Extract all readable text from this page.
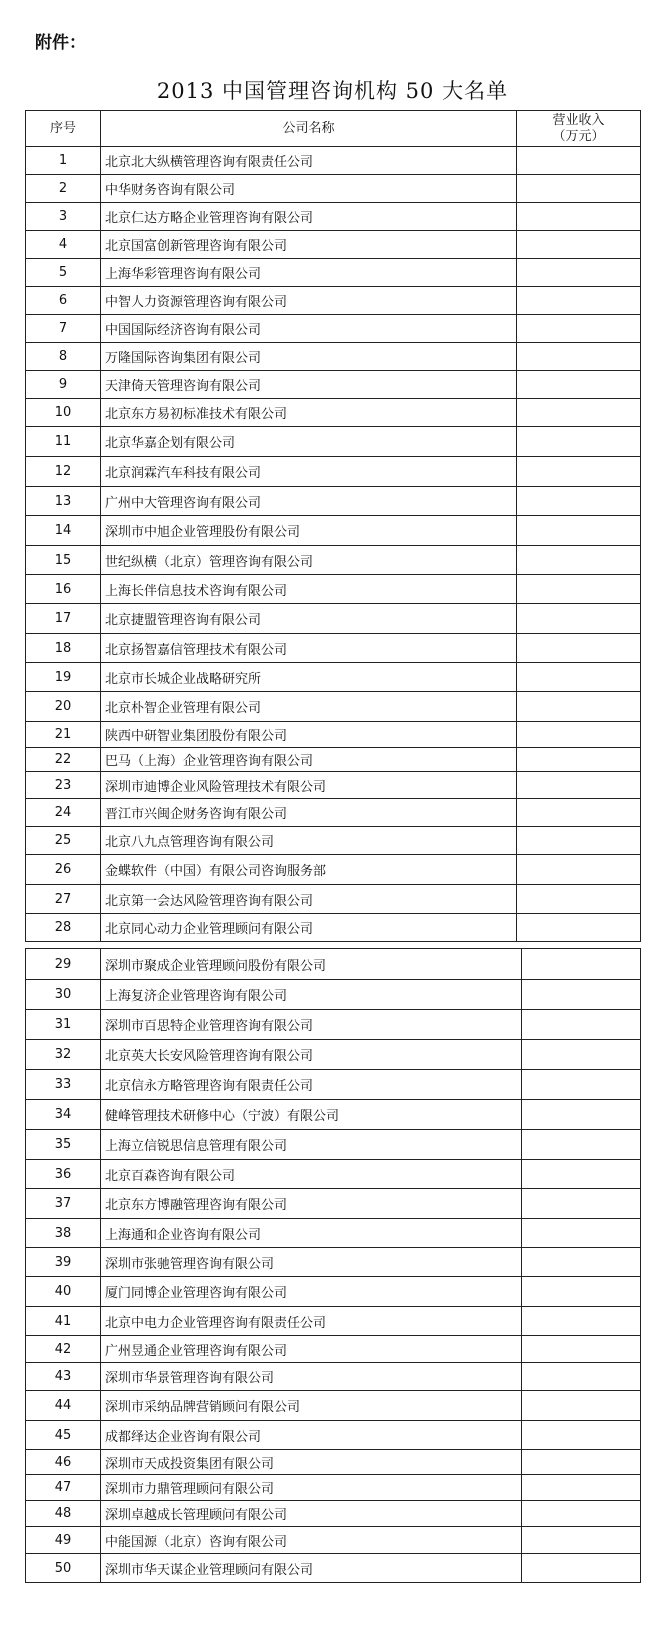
附件：
2013 中国管理咨询机构 50 大名单
序号	公司名称	营业收入
（万元）

1	北京北大纵横管理咨询有限责任公司	
2	中华财务咨询有限公司	
3	北京仁达方略企业管理咨询有限公司	
4	北京国富创新管理咨询有限公司	
5	上海华彩管理咨询有限公司	
6	中智人力资源管理咨询有限公司	
7	中国国际经济咨询有限公司	
8	万隆国际咨询集团有限公司	
9	天津倚天管理咨询有限公司	
10	北京东方易初标准技术有限公司	
11	北京华嘉企划有限公司	
12	北京润霖汽车科技有限公司	
13	广州中大管理咨询有限公司	
14	深圳市中旭企业管理股份有限公司	
15	世纪纵横（北京）管理咨询有限公司	
16	上海长伴信息技术咨询有限公司	
17	北京捷盟管理咨询有限公司	
18	北京扬智嘉信管理技术有限公司	
19	北京市长城企业战略研究所	
20	北京朴智企业管理有限公司	
21	陕西中研智业集团股份有限公司	
22	巴马（上海）企业管理咨询有限公司	
23	深圳市迪博企业风险管理技术有限公司	
24	晋江市兴闽企财务咨询有限公司	
25	北京八九点管理咨询有限公司	
26	金蝶软件（中国）有限公司咨询服务部	
27	北京第一会达风险管理咨询有限公司	
28	北京同心动力企业管理顾问有限公司	
29	深圳市聚成企业管理顾问股份有限公司	
30	上海复济企业管理咨询有限公司	
31	深圳市百思特企业管理咨询有限公司	
32	北京英大长安风险管理咨询有限公司	
33	北京信永方略管理咨询有限责任公司	
34	健峰管理技术研修中心（宁波）有限公司	
35	上海立信锐思信息管理有限公司	
36	北京百森咨询有限公司	
37	北京东方博融管理咨询有限公司	
38	上海通和企业咨询有限公司	
39	深圳市张驰管理咨询有限公司	
40	厦门同博企业管理咨询有限公司	
41	北京中电力企业管理咨询有限责任公司	
42	广州昱通企业管理咨询有限公司	
43	深圳市华景管理咨询有限公司	
44	深圳市采纳品牌营销顾问有限公司	
45	成都绎达企业咨询有限公司	
46	深圳市天成投资集团有限公司	
47	深圳市力鼎管理顾问有限公司	
48	深圳卓越成长管理顾问有限公司	
49	中能国源（北京）咨询有限公司	
50	深圳市华天谋企业管理顾问有限公司	
